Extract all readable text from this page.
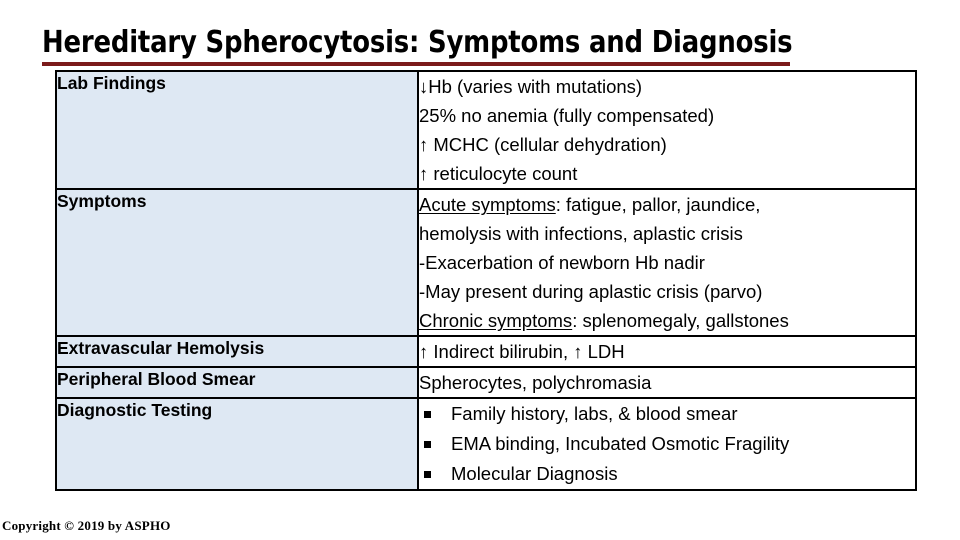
Hereditary Spherocytosis: Symptoms and Diagnosis
Lab Findings	↓Hb (varies with mutations)
25% no anemia (fully compensated)
↑ MCHC (cellular dehydration)
↑ reticulocyte count

Symptoms	Acute symptoms: fatigue, pallor, jaundice,
hemolysis with infections, aplastic crisis
-Exacerbation of newborn Hb nadir
-May present during aplastic crisis (parvo)
Chronic symptoms: splenomegaly, gallstones

Extravascular Hemolysis	↑ Indirect bilirubin, ↑ LDH

Peripheral Blood Smear	Spherocytes, polychromasia

Diagnostic Testing	Family history, labs, & blood smear
EMA binding, Incubated Osmotic Fragility
Molecular Diagnosis
Copyright © 2019 by ASPHO
